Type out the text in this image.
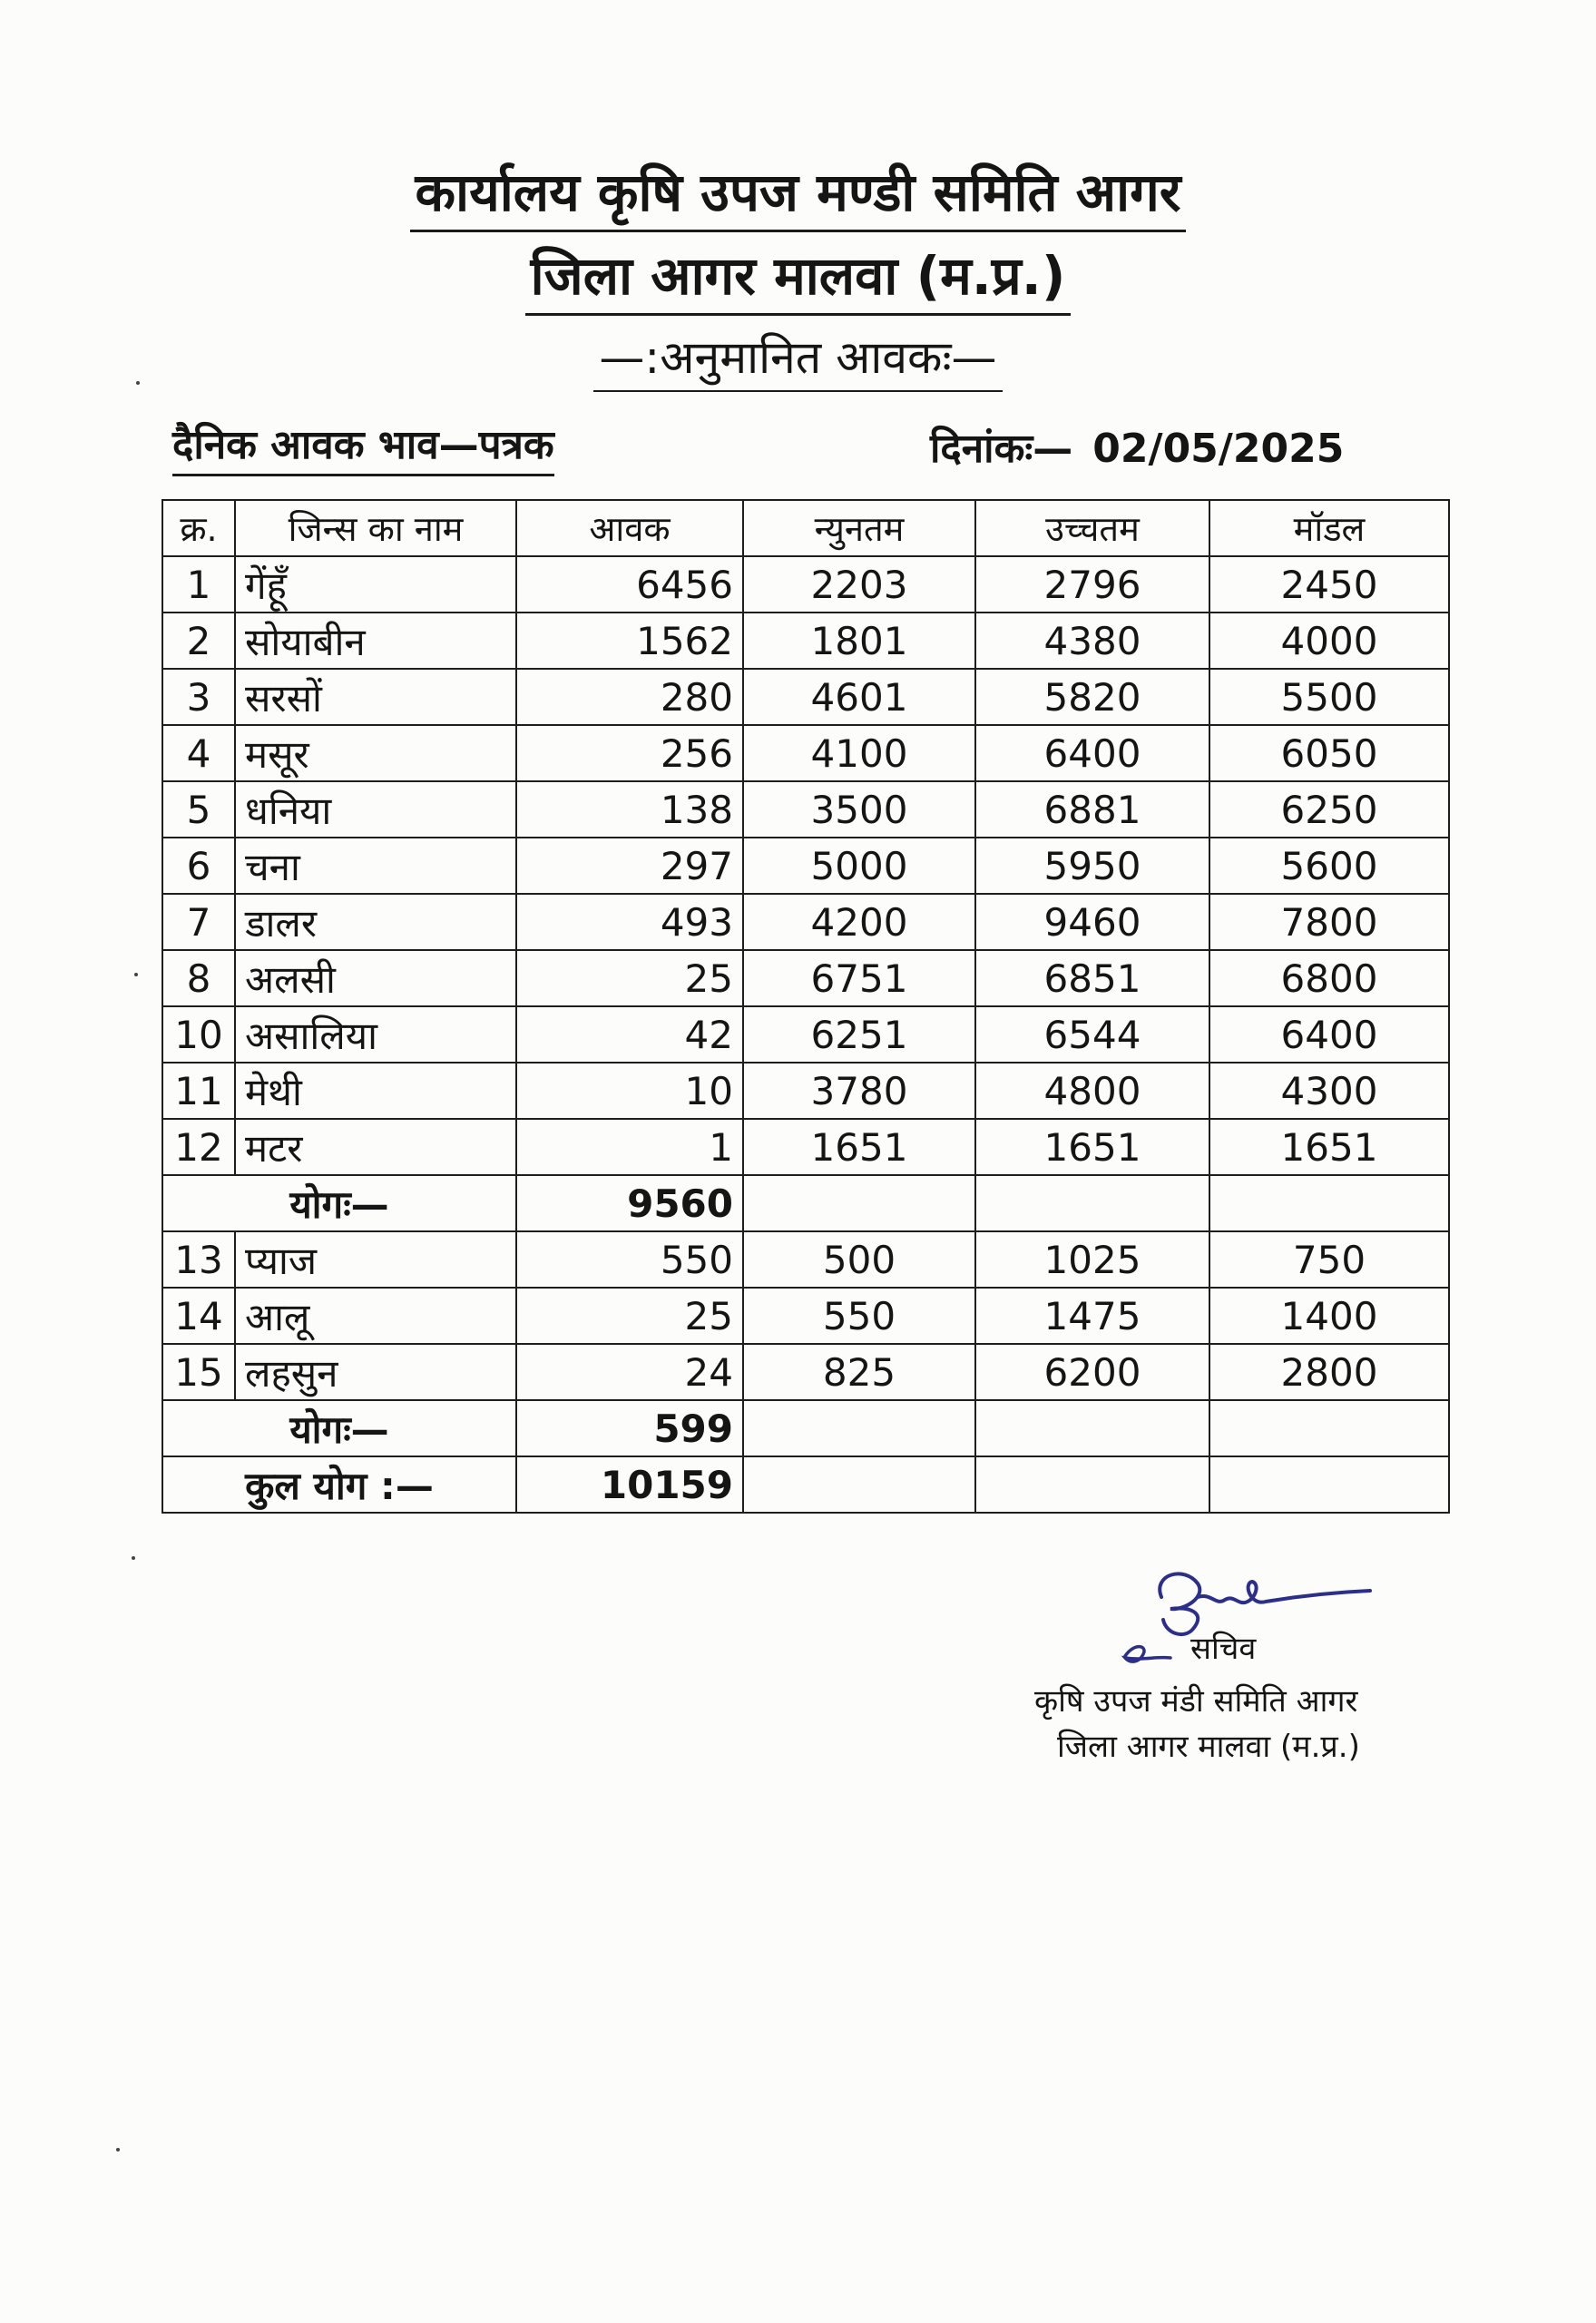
कार्यालय कृषि उपज मण्डी समिति आगर
जिला आगर मालवा (म.प्र.)
—:अनुमानित आवकः—
दैनिक आवक भाव—पत्रक	दिनांकः— 02/05/2025
क्र.	जिन्स का नाम	आवक	न्युनतम	उच्चतम	मॉडल
1	गेंहूँ	6456	2203	2796	2450
2	सोयाबीन	1562	1801	4380	4000
3	सरसों	280	4601	5820	5500
4	मसूर	256	4100	6400	6050
5	धनिया	138	3500	6881	6250
6	चना	297	5000	5950	5600
7	डालर	493	4200	9460	7800
8	अलसी	25	6751	6851	6800
10	असालिया	42	6251	6544	6400
11	मेथी	10	3780	4800	4300
12	मटर	1	1651	1651	1651
योगः—		9560			
13	प्याज	550	500	1025	750
14	आलू	25	550	1475	1400
15	लहसुन	24	825	6200	2800
योगः—		599			
कुल योग :—		10159			
सचिव
कृषि उपज मंडी समिति आगर
जिला आगर मालवा (म.प्र.)
